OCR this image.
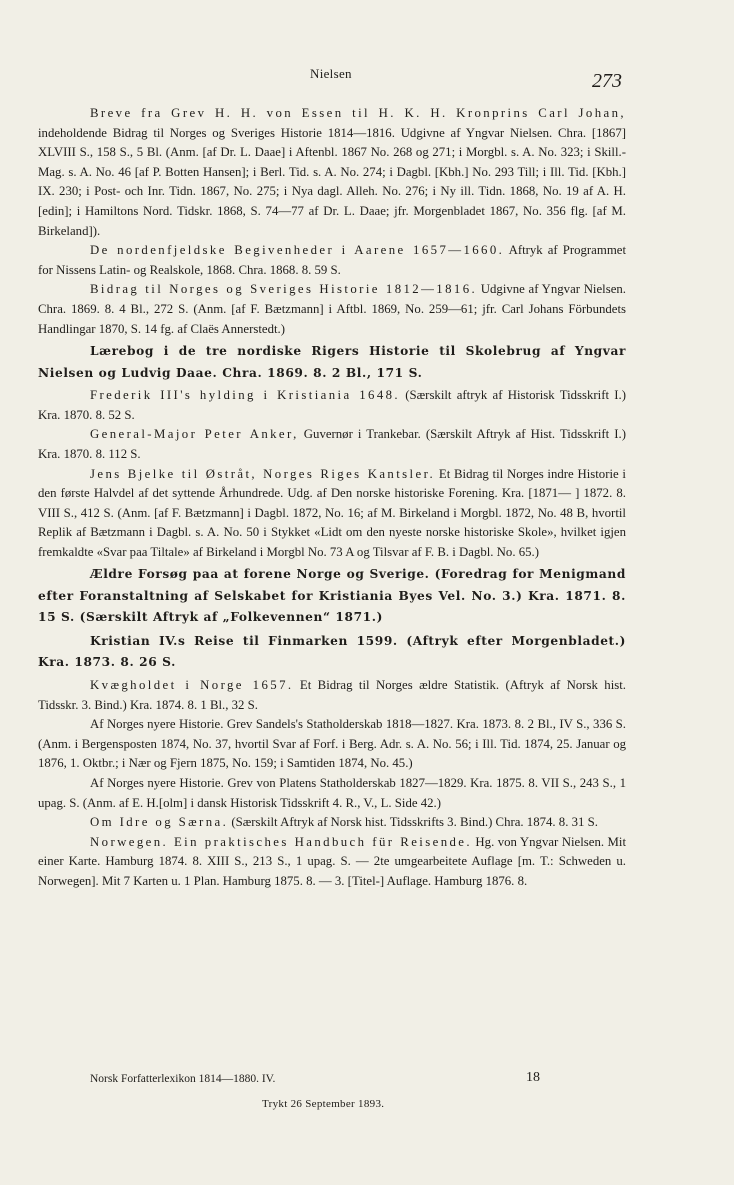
Nielsen	273

Breve fra Grev H. H. von Essen til H. K. H. Kronprins Carl Johan, indeholdende Bidrag til Norges og Sveriges Historie 1814—1816. Udgivne af Yngvar Nielsen. Chra. [1867] XLVIII S., 158 S., 5 Bl. (Anm. [af Dr. L. Daae] i Aftenbl. 1867 No. 268 og 271; i Morgbl. s. A. No. 323; i Skill.-Mag. s. A. No. 46 [af P. Botten Hansen]; i Berl. Tid. s. A. No. 274; i Dagbl. [Kbh.] No. 293 Till; i Ill. Tid. [Kbh.] IX. 230; i Post- och Inr. Tidn. 1867, No. 275; i Nya dagl. Alleh. No. 276; i Ny ill. Tidn. 1868, No. 19 af A. H.[edin]; i Hamiltons Nord. Tidskr. 1868, S. 74—77 af Dr. L. Daae; jfr. Morgenbladet 1867, No. 356 flg. [af M. Birkeland]).

De nordenfjeldske Begivenheder i Aarene 1657—1660. Aftryk af Programmet for Nissens Latin- og Realskole, 1868. Chra. 1868. 8. 59 S.

Bidrag til Norges og Sveriges Historie 1812—1816. Udgivne af Yngvar Nielsen. Chra. 1869. 8. 4 Bl., 272 S. (Anm. [af F. Bætzmann] i Aftbl. 1869, No. 259—61; jfr. Carl Johans Förbundets Handlingar 1870, S. 14 fg. af Claës Annerstedt.)

Lærebog i de tre nordiske Rigers Historie til Skolebrug af Yngvar Nielsen og Ludvig Daae. Chra. 1869. 8. 2 Bl., 171 S.

Frederik III's hylding i Kristiania 1648. (Særskilt aftryk af Historisk Tidsskrift I.) Kra. 1870. 8. 52 S.

General-Major Peter Anker, Guvernør i Trankebar. (Særskilt Aftryk af Hist. Tidsskrift I.) Kra. 1870. 8. 112 S.

Jens Bjelke til Østråt, Norges Riges Kantsler. Et Bidrag til Norges indre Historie i den første Halvdel af det syttende Århundrede. Udg. af Den norske historiske Forening. Kra. [1871— ] 1872. 8. VIII S., 412 S. (Anm. [af F. Bætzmann] i Dagbl. 1872, No. 16; af M. Birkeland i Morgbl. 1872, No. 48 B, hvortil Replik af Bætzmann i Dagbl. s. A. No. 50 i Stykket «Lidt om den nyeste norske historiske Skole», hvilket igjen fremkaldte «Svar paa Tiltale» af Birkeland i Morgbl No. 73 A og Tilsvar af F. B. i Dagbl. No. 65.)

Ældre Forsøg paa at forene Norge og Sverige. (Foredrag for Menigmand efter Foranstaltning af Selskabet for Kristiania Byes Vel. No. 3.) Kra. 1871. 8. 15 S. (Særskilt Aftryk af „Folkevennen“ 1871.)

Kristian IV.s Reise til Finmarken 1599. (Aftryk efter Morgenbladet.) Kra. 1873. 8. 26 S.

Kvægholdet i Norge 1657. Et Bidrag til Norges ældre Statistik. (Aftryk af Norsk hist. Tidsskr. 3. Bind.) Kra. 1874. 8. 1 Bl., 32 S.

Af Norges nyere Historie. Grev Sandels's Statholderskab 1818—1827. Kra. 1873. 8. 2 Bl., IV S., 336 S. (Anm. i Bergensposten 1874, No. 37, hvortil Svar af Forf. i Berg. Adr. s. A. No. 56; i Ill. Tid. 1874, 25. Januar og 1876, 1. Oktbr.; i Nær og Fjern 1875, No. 159; i Samtiden 1874, No. 45.)

Af Norges nyere Historie. Grev von Platens Statholderskab 1827—1829. Kra. 1875. 8. VII S., 243 S., 1 upag. S. (Anm. af E. H.[olm] i dansk Historisk Tidsskrift 4. R., V., L. Side 42.)

Om Idre og Særna. (Særskilt Aftryk af Norsk hist. Tidsskrifts 3. Bind.) Chra. 1874. 8. 31 S.

Norwegen. Ein praktisches Handbuch für Reisende. Hg. von Yngvar Nielsen. Mit einer Karte. Hamburg 1874. 8. XIII S., 213 S., 1 upag. S. — 2te umgearbeitete Auflage [m. T.: Schweden u. Norwegen]. Mit 7 Karten u. 1 Plan. Hamburg 1875. 8. — 3. [Titel-] Auflage. Hamburg 1876. 8.

Norsk Forfatterlexikon 1814—1880. IV.	18
Trykt 26 September 1893.
